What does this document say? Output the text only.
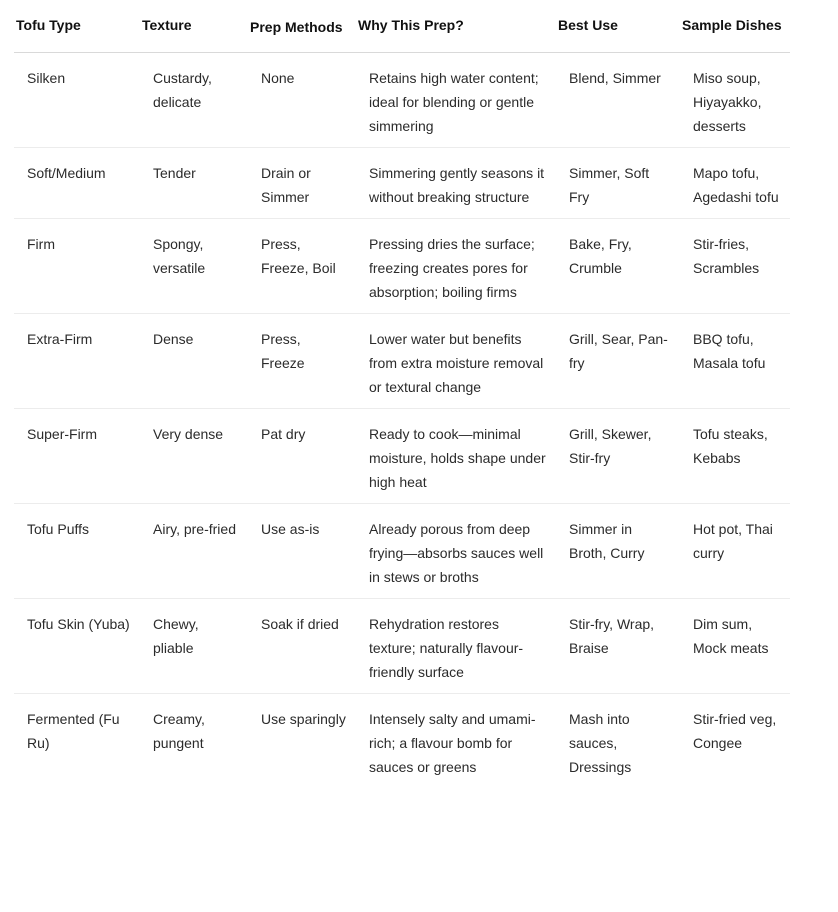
Tofu Type	Texture	Prep Methods	Why This Prep?	Best Use	Sample Dishes
Silken	Custardy, delicate	None	Retains high water content; ideal for blending or gentle simmering	Blend, Simmer	Miso soup, Hiyayakko, desserts
Soft/Medium	Tender	Drain or Simmer	Simmering gently seasons it without breaking structure	Simmer, Soft Fry	Mapo tofu, Agedashi tofu
Firm	Spongy, versatile	Press, Freeze, Boil	Pressing dries the surface; freezing creates pores for absorption; boiling firms	Bake, Fry, Crumble	Stir-fries, Scrambles
Extra-Firm	Dense	Press, Freeze	Lower water but benefits from extra moisture removal or textural change	Grill, Sear, Pan-fry	BBQ tofu, Masala tofu
Super-Firm	Very dense	Pat dry	Ready to cook—minimal moisture, holds shape under high heat	Grill, Skewer, Stir-fry	Tofu steaks, Kebabs
Tofu Puffs	Airy, pre-fried	Use as-is	Already porous from deep frying—absorbs sauces well in stews or broths	Simmer in Broth, Curry	Hot pot, Thai curry
Tofu Skin (Yuba)	Chewy, pliable	Soak if dried	Rehydration restores texture; naturally flavour-friendly surface	Stir-fry, Wrap, Braise	Dim sum, Mock meats
Fermented (Fu Ru)	Creamy, pungent	Use sparingly	Intensely salty and umami-rich; a flavour bomb for sauces or greens	Mash into sauces, Dressings	Stir-fried veg, Congee
